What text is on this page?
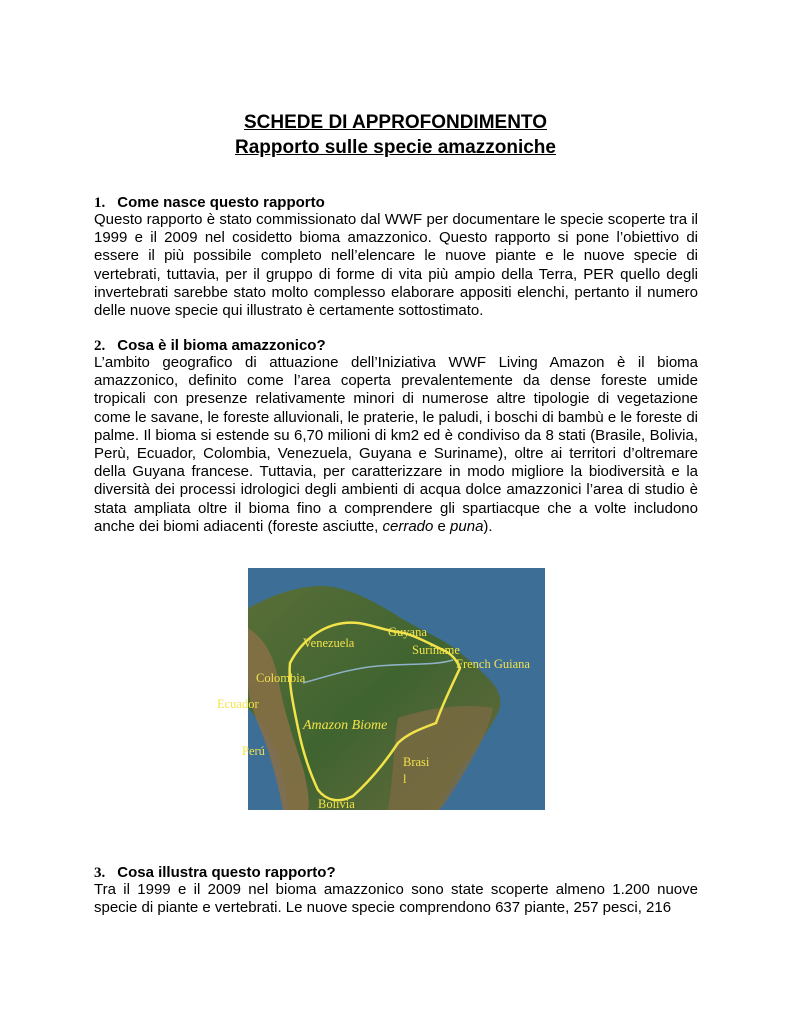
SCHEDE DI APPROFONDIMENTO
Rapporto sulle specie amazzoniche
1. Come nasce questo rapporto
Questo rapporto è stato commissionato dal WWF per documentare le specie scoperte tra il 1999 e il 2009 nel cosidetto bioma amazzonico. Questo rapporto si pone l’obiettivo di essere il più possibile completo nell’elencare le nuove piante e le nuove specie di vertebrati, tuttavia, per il gruppo di forme di vita più ampio della Terra, PER quello degli invertebrati sarebbe stato molto complesso elaborare appositi elenchi, pertanto il numero delle nuove specie qui illustrato è certamente sottostimato.
2. Cosa è il bioma amazzonico?
L’ambito geografico di attuazione dell’Iniziativa WWF Living Amazon è il bioma amazzonico, definito come l’area coperta prevalentemente da dense foreste umide tropicali con presenze relativamente minori di numerose altre tipologie di vegetazione come le savane, le foreste alluvionali, le praterie, le paludi, i boschi di bambù e le foreste di palme. Il bioma si estende su 6,70 milioni di km2 ed è condiviso da 8 stati (Brasile, Bolivia, Perù, Ecuador, Colombia, Venezuela, Guyana e Suriname), oltre ai territori d’oltremare della Guyana francese. Tuttavia, per caratterizzare in modo migliore la biodiversità e la diversità dei processi idrologici degli ambienti di acqua dolce amazzonici l’area di studio è stata ampliata oltre il bioma fino a comprendere gli spartiacque che a volte includono anche dei biomi adiacenti (foreste asciutte, cerrado e puna).
Venezuela
Guyana
Suriname
French Guiana
Colombia
Ecuador
Amazon Biome
Perú
Brasi
l
Bolivia
3. Cosa illustra questo rapporto?
Tra il 1999 e il 2009 nel bioma amazzonico sono state scoperte almeno 1.200 nuove specie di piante e vertebrati. Le nuove specie comprendono 637 piante, 257 pesci, 216
